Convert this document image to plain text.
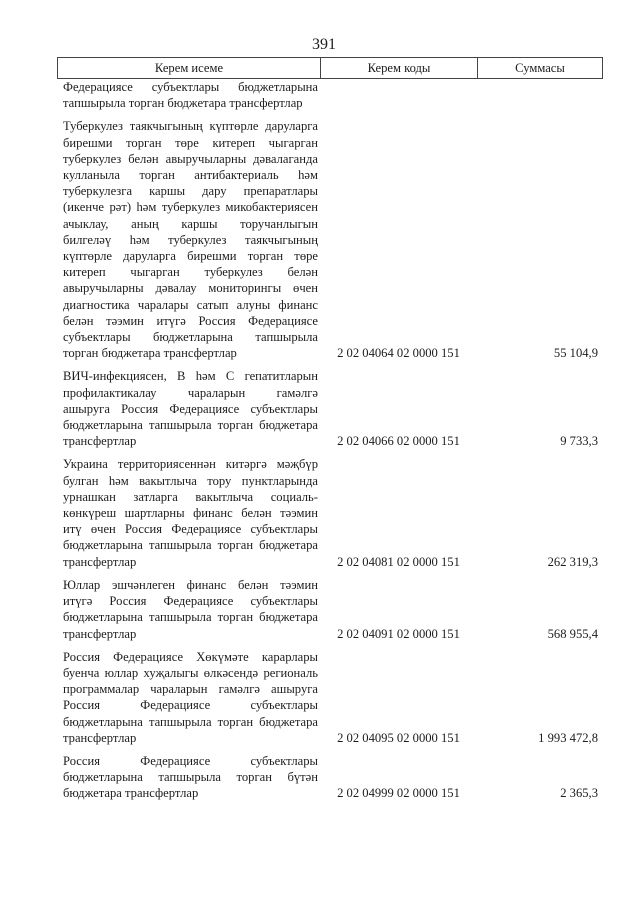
391
Керем исеме	Керем коды	Суммасы
Федерациясе субъектлары бюджетларына
тапшырыла торган бюджетара трансфертлар
Туберкулез таякчыгының күптөрле даруларга
бирешми торган төре китереп чыгарган
туберкулез белән авыручыларны дәвалаганда
кулланыла торган антибактериаль һәм
туберкулезга каршы дару препаратлары
(икенче рәт) һәм туберкулез микобактериясен
ачыклау, аның каршы торучанлыгын
билгеләү һәм туберкулез таякчыгының
күптөрле даруларга бирешми торган төре
китереп чыгарган туберкулез белән
авыручыларны дәвалау мониторингы өчен
диагностика чаралары сатып алуны финанс
белән тәэмин итүгә Россия Федерациясе
субъектлары бюджетларына тапшырыла
торган бюджетара трансфертлар	2 02 04064 02 0000 151	55 104,9
ВИЧ-инфекциясен, В һәм С гепатитларын
профилактикалау чараларын гамәлгә
ашыруга Россия Федерациясе субъектлары
бюджетларына тапшырыла торган бюджетара
трансфертлар	2 02 04066 02 0000 151	9 733,3
Украина территориясеннән китәргә мәҗбүр
булган һәм вакытлыча тору пунктларында
урнашкан затларга вакытлыча социаль-
көнкүреш шартларны финанс белән тәэмин
итү өчен Россия Федерациясе субъектлары
бюджетларына тапшырыла торган бюджетара
трансфертлар	2 02 04081 02 0000 151	262 319,3
Юллар эшчәнлеген финанс белән тәэмин
итүгә Россия Федерациясе субъектлары
бюджетларына тапшырыла торган бюджетара
трансфертлар	2 02 04091 02 0000 151	568 955,4
Россия Федерациясе Хөкүмәте карарлары
буенча юллар хуҗалыгы өлкәсендә региональ
программалар чараларын гамәлгә ашыруга
Россия Федерациясе субъектлары
бюджетларына тапшырыла торган бюджетара
трансфертлар	2 02 04095 02 0000 151	1 993 472,8
Россия Федерациясе субъектлары
бюджетларына тапшырыла торган бүтән
бюджетара трансфертлар	2 02 04999 02 0000 151	2 365,3
